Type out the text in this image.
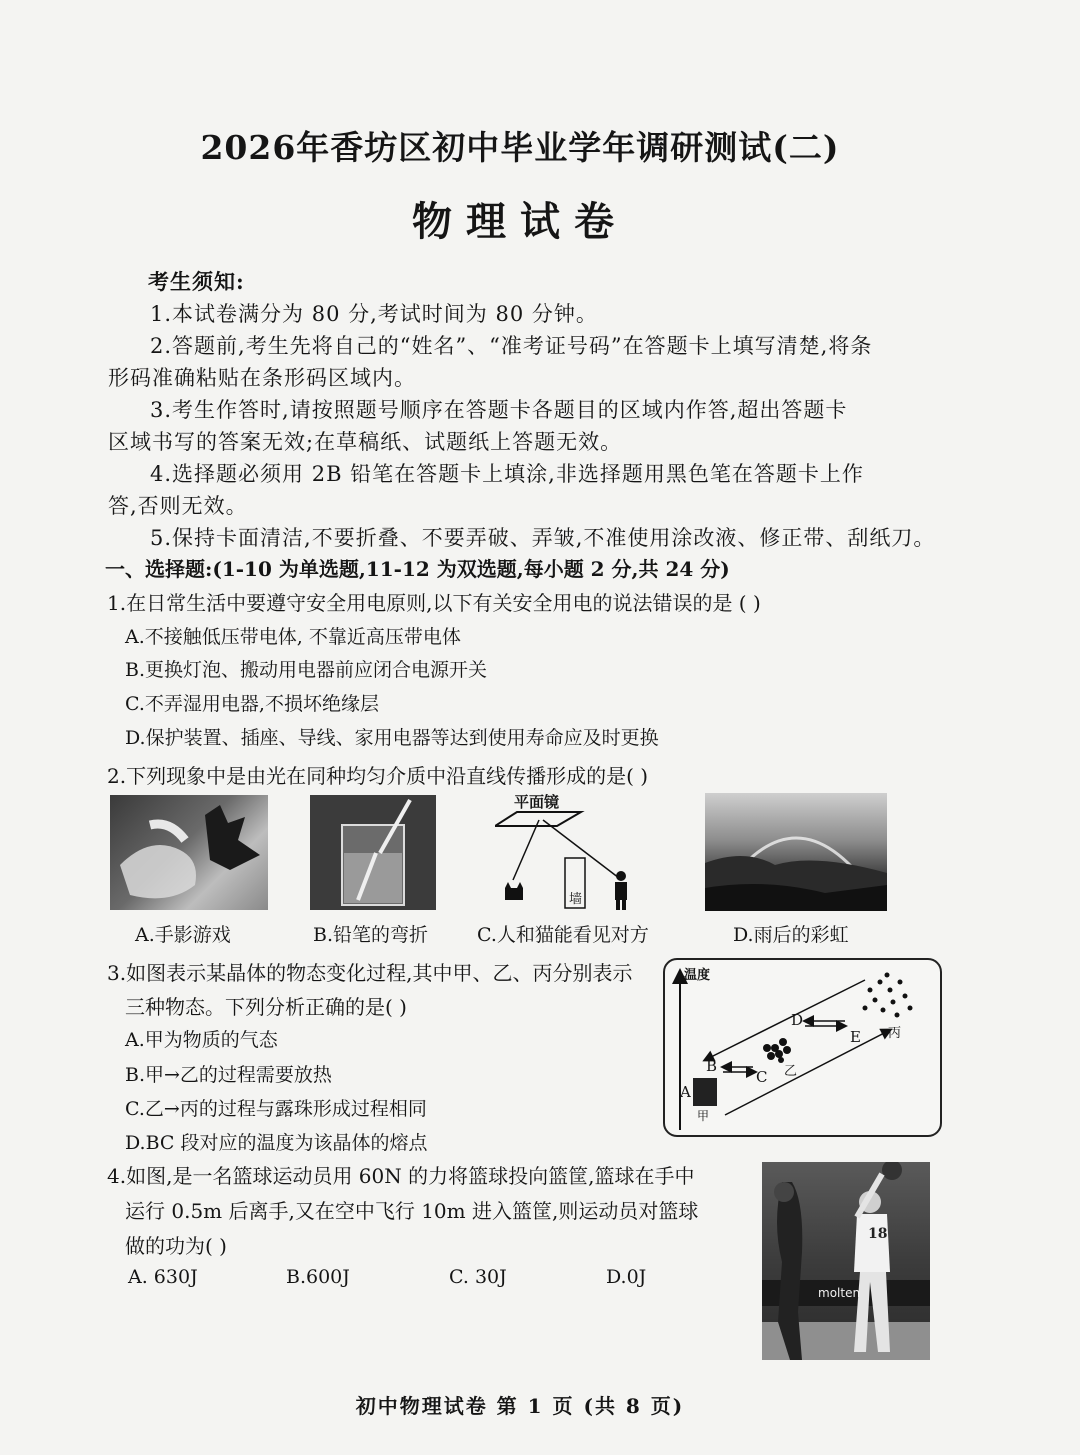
2026年香坊区初中毕业学年调研测试(二)
物理试卷
考生须知:
1.本试卷满分为 80 分,考试时间为 80 分钟。
2.答题前,考生先将自己的“姓名”、“准考证号码”在答题卡上填写清楚,将条
形码准确粘贴在条形码区域内。
3.考生作答时,请按照题号顺序在答题卡各题目的区域内作答,超出答题卡
区域书写的答案无效;在草稿纸、试题纸上答题无效。
4.选择题必须用 2B 铅笔在答题卡上填涂,非选择题用黑色笔在答题卡上作
答,否则无效。
5.保持卡面清洁,不要折叠、不要弄破、弄皱,不准使用涂改液、修正带、刮纸刀。
一、选择题:(1-10 为单选题,11-12 为双选题,每小题 2 分,共 24 分)
1.在日常生活中要遵守安全用电原则,以下有关安全用电的说法错误的是 ( )
A.不接触低压带电体, 不靠近高压带电体
B.更换灯泡、搬动用电器前应闭合电源开关
C.不弄湿用电器,不损坏绝缘层
D.保护装置、插座、导线、家用电器等达到使用寿命应及时更换
2.下列现象中是由光在同种均匀介质中沿直线传播形成的是( )
A.手影游戏	B.铅笔的弯折
平面镜
墙
C.人和猫能看见对方	D.雨后的彩虹
3.如图表示某晶体的物态变化过程,其中甲、乙、丙分别表示
三种物态。下列分析正确的是( )
A.甲为物质的气态
B.甲→乙的过程需要放热
C.乙→丙的过程与露珠形成过程相同
D.BC 段对应的温度为该晶体的熔点
温度
A
B
C
D
E
甲
乙
丙
4.如图,是一名篮球运动员用 60N 的力将篮球投向篮筐,篮球在手中
运行 0.5m 后离手,又在空中飞行 10m 进入篮筐,则运动员对篮球
做的功为( )
A. 630J	B.600J	C. 30J	D.0J
18
molten
初中物理试卷 第 1 页 (共 8 页)
